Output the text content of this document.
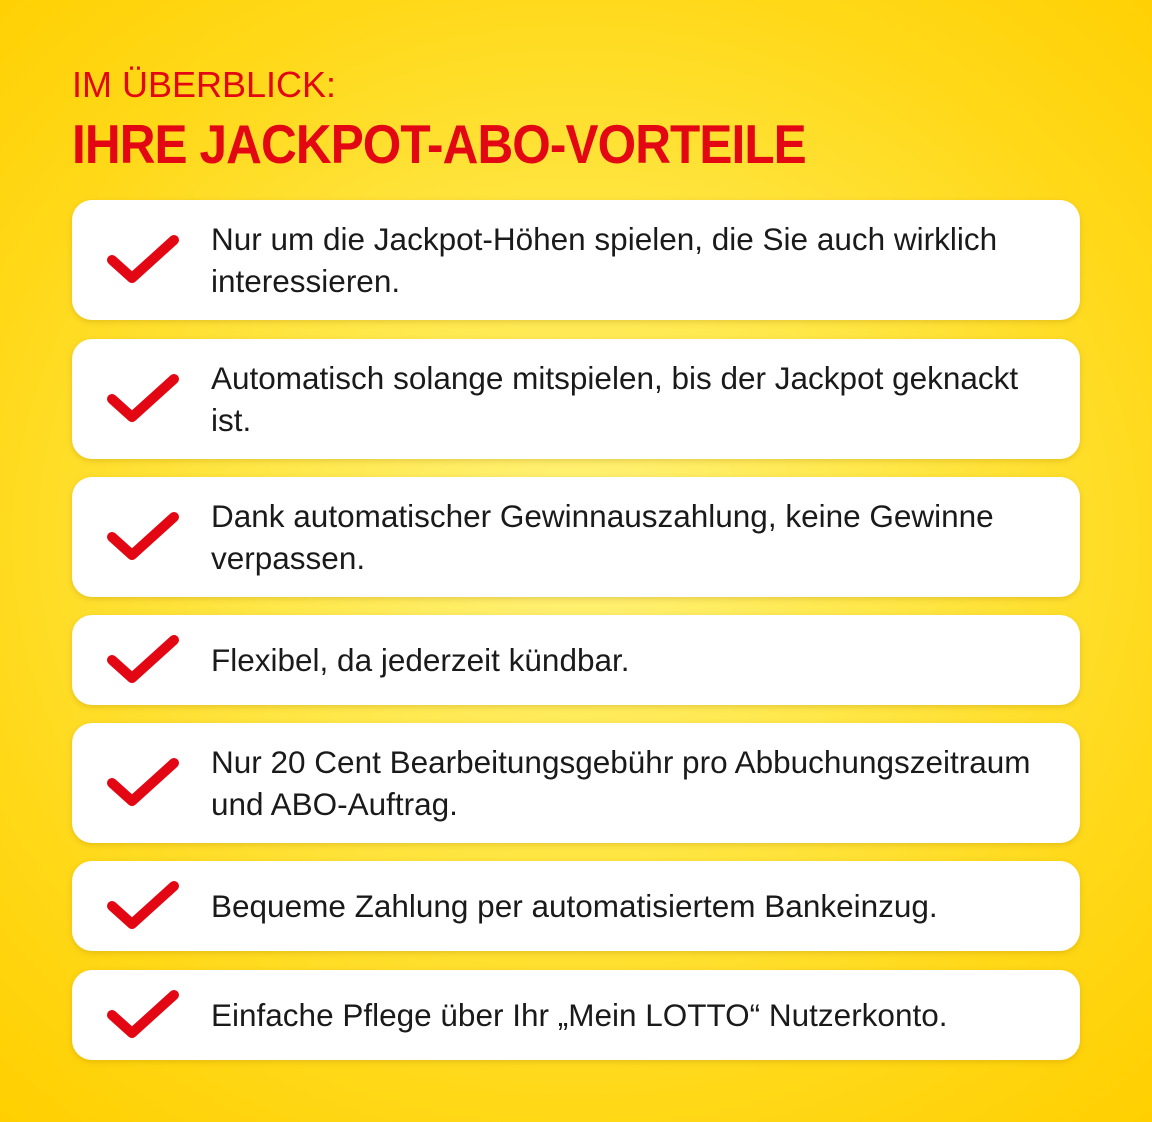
IM ÜBERBLICK:
IHRE JACKPOT-ABO-VORTEILE
Nur um die Jackpot-Höhen spielen, die Sie auch wirklich interessieren.
Automatisch solange mitspielen, bis der Jackpot geknackt ist.
Dank automatischer Gewinnauszahlung, keine Gewinne verpassen.
Flexibel, da jederzeit kündbar.
Nur 20 Cent Bearbeitungsgebühr pro Abbuchungszeitraum und ABO-Auftrag.
Bequeme Zahlung per automatisiertem Bankeinzug.
Einfache Pflege über Ihr „Mein LOTTO“ Nutzerkonto.
